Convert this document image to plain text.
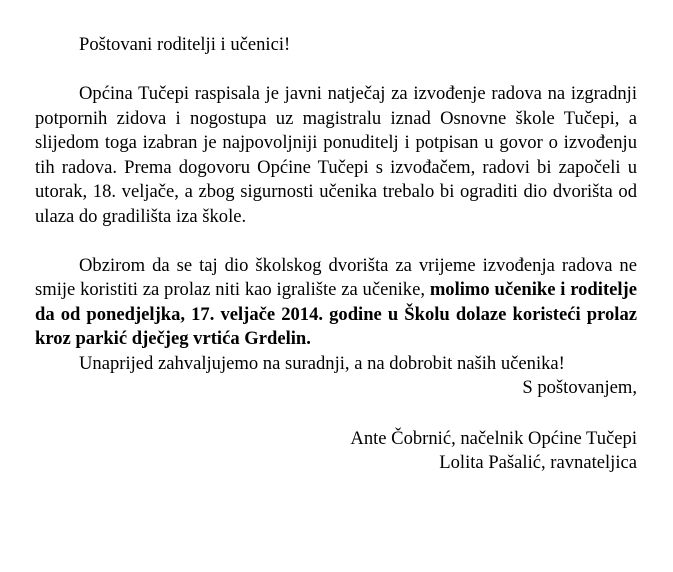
Poštovani roditelji i učenici!

Općina Tučepi raspisala je javni natječaj za izvođenje radova na izgradnji potpornih zidova i nogostupa uz magistralu iznad Osnovne škole Tučepi, a slijedom toga izabran je najpovoljniji ponuditelj i potpisan u govor o izvođenju tih radova. Prema dogovoru Općine Tučepi s izvođačem, radovi bi započeli u utorak, 18. veljače, a zbog sigurnosti učenika trebalo bi ograditi dio dvorišta od ulaza do gradilišta iza škole.

Obzirom da se taj dio školskog dvorišta za vrijeme izvođenja radova ne smije koristiti za prolaz niti kao igralište za učenike, molimo učenike i roditelje da od ponedjeljka, 17. veljače 2014. godine u Školu dolaze koristeći prolaz kroz parkić dječjeg vrtića Grdelin.

Unaprijed zahvaljujemo na suradnji, a na dobrobit naših učenika!

S poštovanjem,

Ante Čobrnić, načelnik Općine Tučepi

Lolita Pašalić, ravnateljica
